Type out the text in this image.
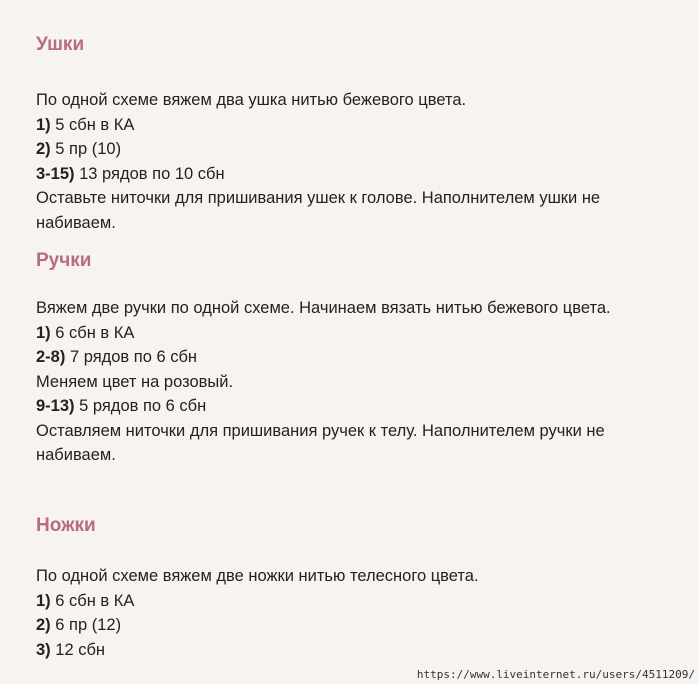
Ушки

По одной схеме вяжем два ушка нитью бежевого цвета.

1) 5 сбн в КА

2) 5 пр (10)

3-15) 13 рядов по 10 сбн

Оставьте ниточки для пришивания ушек к голове. Наполнителем ушки не набиваем.

Ручки

Вяжем две ручки по одной схеме. Начинаем вязать нитью бежевого цвета.

1) 6 сбн в КА

2-8) 7 рядов по 6 сбн

Меняем цвет на розовый.

9-13) 5 рядов по 6 сбн

Оставляем ниточки для пришивания ручек к телу. Наполнителем ручки не набиваем.

Ножки

По одной схеме вяжем две ножки нитью телесного цвета.

1) 6 сбн в КА

2) 6 пр (12)

3) 12 сбн

https://www.liveinternet.ru/users/4511209/
